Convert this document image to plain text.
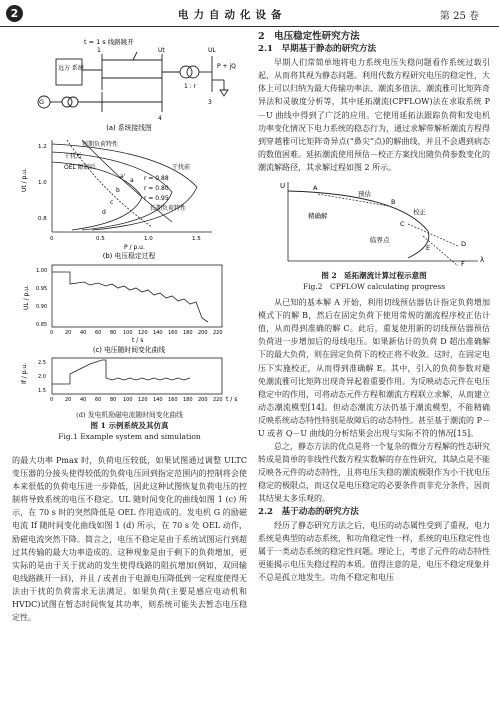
2	电力自动化设备	第 25 卷
t = 1 s 线路跳开
远方 系统
G
1
4
Ut	UL
3
1 : r
P + jQ
(a) 系统接线图
短期负荷特性
干扰后
OEL 限制后	干扰前
长期负荷特性
r = 0.88
r = 0.80
r = 0.95
a
a'
b
c
d
Ut / p.u.
P / p.u.
0	0.5	1.0	1.5
0.8
1.0
1.2
(b) 电压稳定过程
UL / p.u.
0 20 40 60 80 100 120 140 160 180 200 220
0.85
0.90
0.95
1.00
t / s
(c) 电压随时间变化曲线
If / p.u.
1.5
2.0
2.5
0 20 40 60 80 100 120 140 160 180 200 220 t / s
(d) 发电机励磁电流随时间变化曲线
图 1 示例系统及其仿真
Fig.1 Example system and simulation
的最大功率 Pmax 时，负荷电压较低，如果试图通过调整 ULTC 变压器的分接头使得较低的负荷电压回到指定范围内的控制将会使本来很低的负荷电压进一步降低，因此这种试图恢复负荷电压的控制将导致系统的电压不稳定。UL 随时间变化的曲线如图 1 (c) 所示，在 70 s 时的突然降低是 OEL 作用造成的。发电机 G 的励磁电流 If 随时间变化曲线如图 1 (d) 所示，在 70 s 处 OEL 动作，励磁电流突然下降。简言之，电压不稳定是由于系统试图运行到超过其传输的最大功率造成的。这种现象是由于剩下的负荷增加，更实际的是由于关于扰动的发生使得线路的阻抗增加(例如，双回输电线路跳开一回)，并且 / 或者由于电源电压降低到一定程度使得无法由干扰的负荷需求无法满足。如果负荷(主要是感应电动机和 HVDC)试图在暂态时间恢复其功率，则系统可能失去暂态电压稳定性。
2　电压稳定性研究方法
2.1　早期基于静态的研究方法

早期人们常简单地将电力系统电压失稳问题看作系统过载引起，从而将其视为静态问题。利用代数方程研究电压的稳定性，大体上可以归纳为最大传输功率法、潮流多值法、潮流雅可比矩阵奇异法和灵敏度分析等，其中延拓潮流(CPFLOW)法在求取系统 P－U 曲线中得到了广泛的应用。它使用延拓法跟踪负荷和发电机功率变化情况下电力系统的稳态行为，通过求解带解析潮流方程得到穿越雅可比矩阵奇异点(“鼻尖”点)的解曲线，并且不会遇到病态的数值困难。延拓潮流使用预估－校正方案找出随负荷参数变化的潮流解路径，其求解过程如图 2 所示。

U
λ
预估
校正
精确解
临界点
A
B
C
D
E
F
图 2　延拓潮流计算过程示意图
Fig.2　CPFLOW calculating progress

从已知的基本解 A 开始，利用切线预估器估计指定负荷增加模式下的解 B，然后在固定负荷下使用常规的潮流程序校正估计值，从而得到准确的解 C。此后，重复使用新的切线预估器预估负荷进一步增加后的母线电压。如果新估计的负荷 D 超出准确解下的最大负荷，则在固定负荷下的校正将不收敛。这时，在固定电压下实施校正，从而得到准确解 E。其中，引入的负荷参数对避免潮流雅可比矩阵出现奇异起着重要作用。为反映动态元件在电压稳定中的作用，可将动态元件方程和潮流方程联立求解，从而建立动态潮流模型[14]。但动态潮流方法仍基于潮流模型，不能精确反映系统动态特性特别是故障后的动态特性。甚至基于潮流的 P－U 或者 Q－U 曲线的分析结果会出现与实际不符的情况[15]。

总之，静态方法的优点是将一个复杂的微分方程解的性态研究转成是简单的非线性代数方程实数解的存在性研究，其缺点是不能反映各元件的动态特性，且将电压失稳的潮流极限作为小干扰电压稳定的极限点，而这仅是电压稳定的必要条件而非充分条件，因而其结果太多乐观的。

2.2　基于动态的研究方法

经历了静态研究方法之后，电压的动态属性受到了重视，电力系统是典型的动态系统，和功角稳定性一样，系统的电压稳定性也属于一类动态系统的稳定性问题。理论上，考虑了元件的动态特性更能揭示电压失稳过程的本质。值得注意的是，电压不稳定现象并不总是孤立地发生。功角不稳定和电压
